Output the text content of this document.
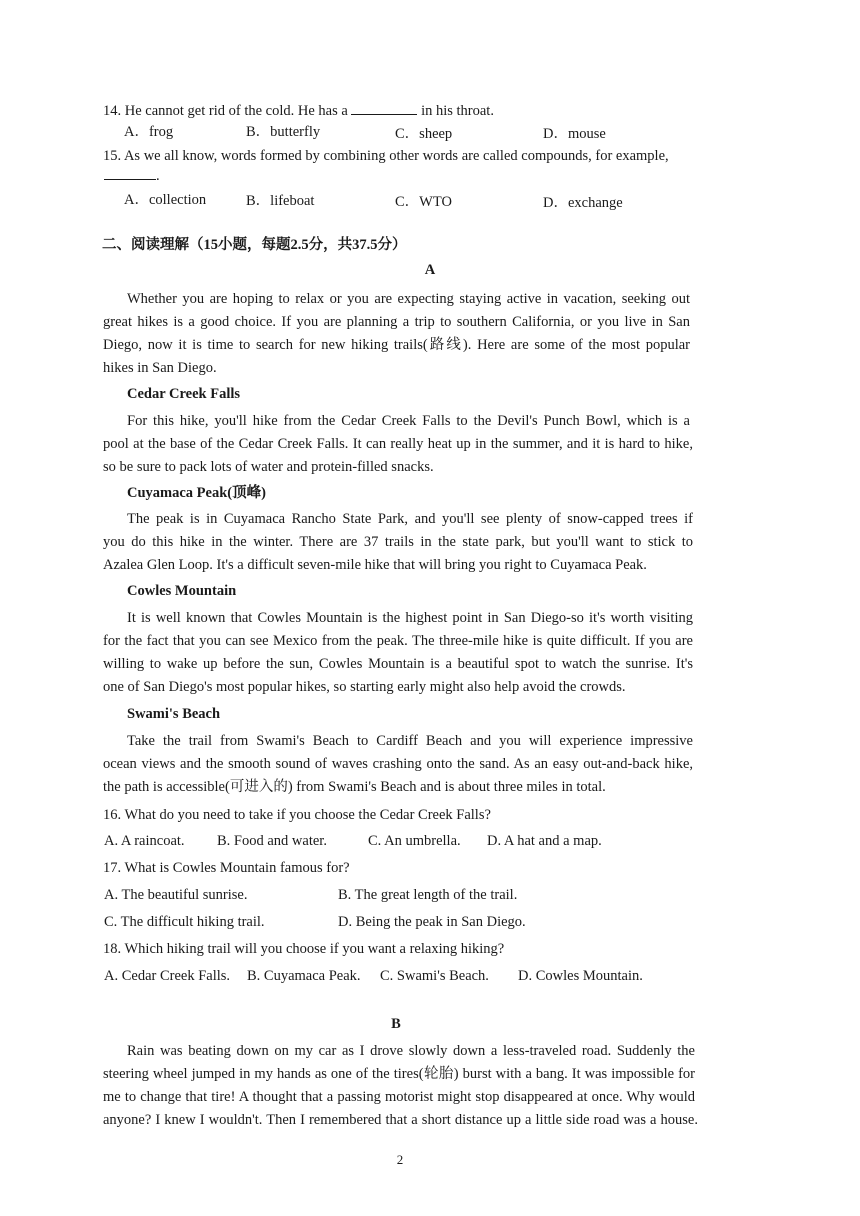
14. He cannot get rid of the cold. He has a	in his throat.
A．frog	B．butterfly	C．sheep	D．mouse
15. As we all know, words formed by combining other words are called compounds, for example,
.
A．collection	B．lifeboat	C．WTO	D．exchange
二、阅读理解（15小题，每题2.5分，共37.5分）
A
Whether you are hoping to relax or you are expecting staying active in vacation, seeking out
great hikes is a good choice. If you are planning a trip to southern California, or you live in San
Diego, now it is time to search for new hiking trails(路线). Here are some of the most popular
hikes in San Diego.
Cedar Creek Falls
For this hike, you'll hike from the Cedar Creek Falls to the Devil's Punch Bowl, which is a
pool at the base of the Cedar Creek Falls. It can really heat up in the summer, and it is hard to hike,
so be sure to pack lots of water and protein-filled snacks.
Cuyamaca Peak(顶峰)
The peak is in Cuyamaca Rancho State Park, and you'll see plenty of snow-capped trees if
you do this hike in the winter. There are 37 trails in the state park, but you'll want to stick to
Azalea Glen Loop. It's a difficult seven-mile hike that will bring you right to Cuyamaca Peak.
Cowles Mountain
It is well known that Cowles Mountain is the highest point in San Diego-so it's worth visiting
for the fact that you can see Mexico from the peak. The three-mile hike is quite difficult. If you are
willing to wake up before the sun, Cowles Mountain is a beautiful spot to watch the sunrise. It's
one of San Diego's most popular hikes, so starting early might also help avoid the crowds.
Swami's Beach
Take the trail from Swami's Beach to Cardiff Beach and you will experience impressive
ocean views and the smooth sound of waves crashing onto the sand. As an easy out-and-back hike,
the path is accessible(可进入的) from Swami's Beach and is about three miles in total.
16. What do you need to take if you choose the Cedar Creek Falls?
A. A raincoat. B. Food and water.	C. An umbrella. D. A hat and a map.
17. What is Cowles Mountain famous for?
A. The beautiful sunrise.	B. The great length of the trail.
C. The difficult hiking trail.	D. Being the peak in San Diego.
18. Which hiking trail will you choose if you want a relaxing hiking?
A. Cedar Creek Falls. B. Cuyamaca Peak. C. Swami's Beach. D. Cowles Mountain.
B
Rain was beating down on my car as I drove slowly down a less-traveled road. Suddenly the
steering wheel jumped in my hands as one of the tires(轮胎) burst with a bang. It was impossible for
me to change that tire! A thought that a passing motorist might stop disappeared at once. Why would
anyone? I knew I wouldn't. Then I remembered that a short distance up a little side road was a house.
2
